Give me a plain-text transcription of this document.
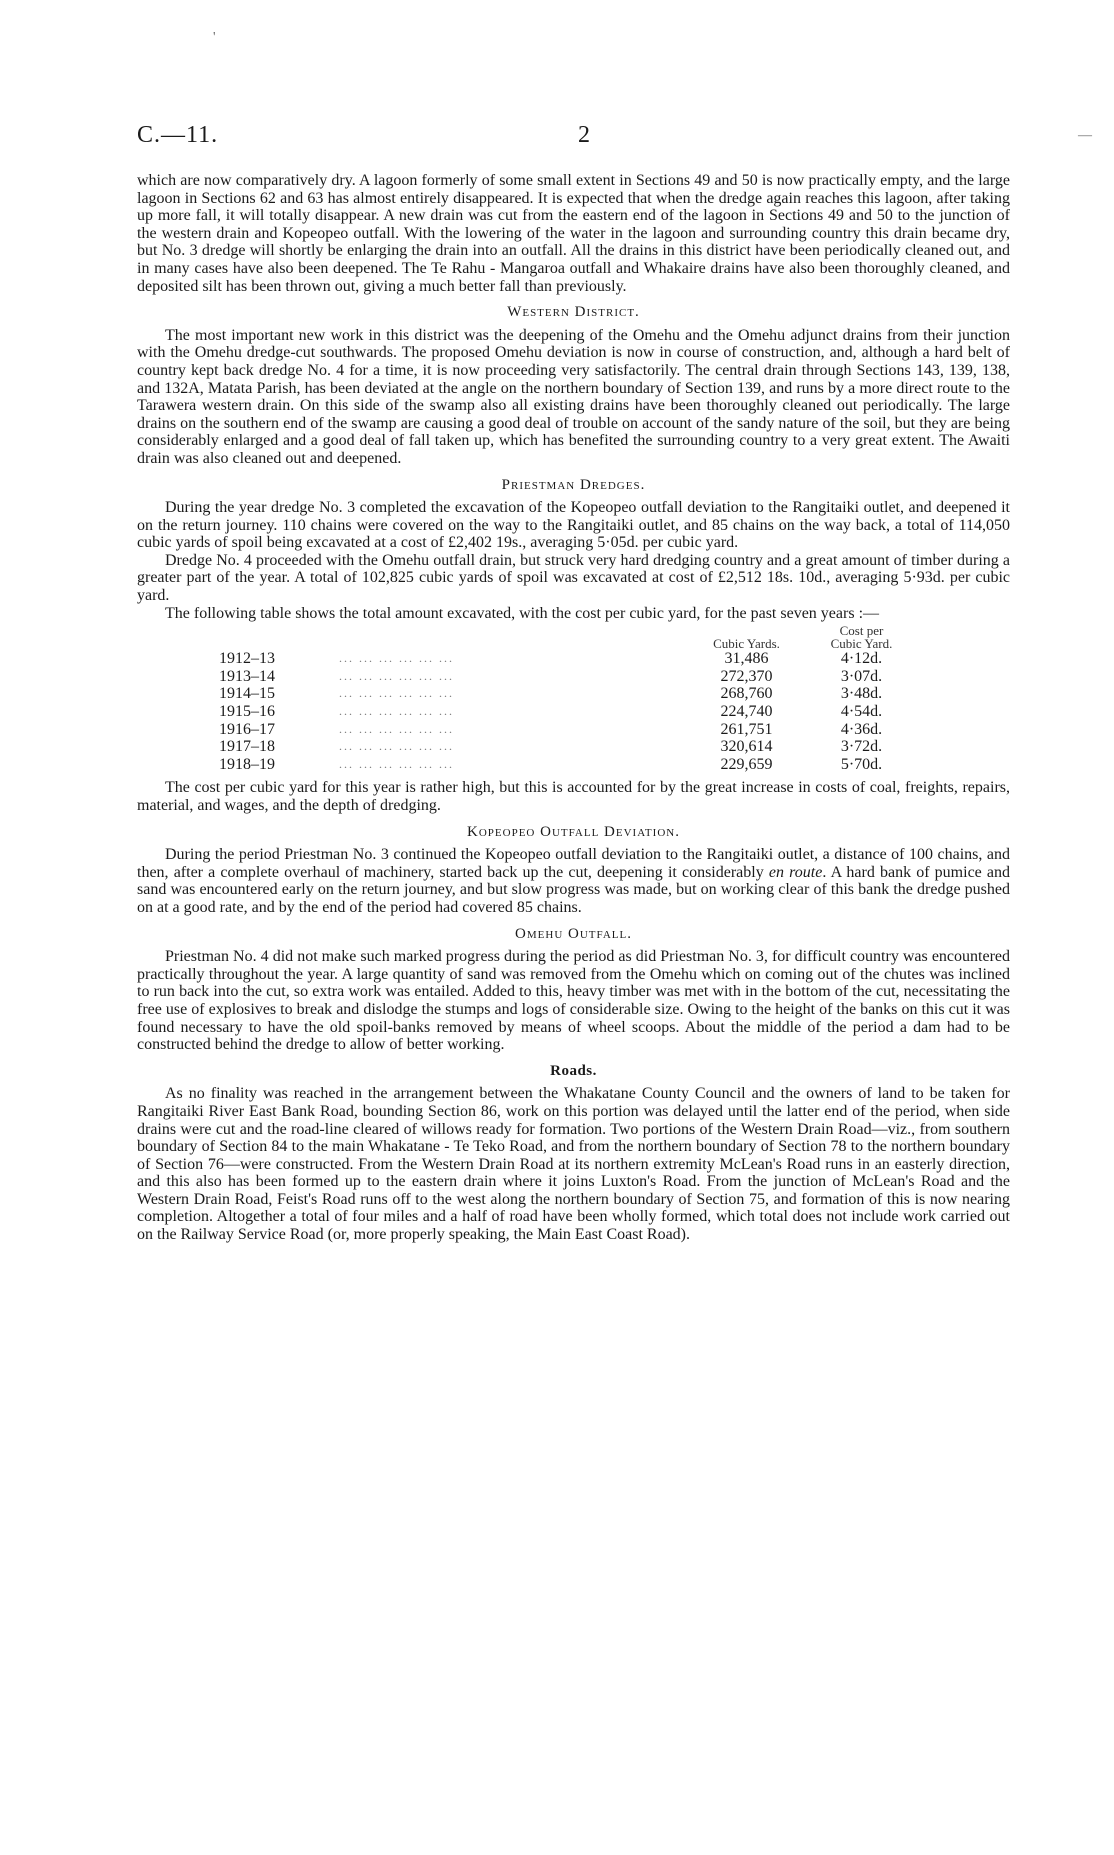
'
—
C.—11.	2

which are now comparatively dry. A lagoon formerly of some small extent in Sections 49 and 50 is now practically empty, and the large lagoon in Sections 62 and 63 has almost entirely disappeared. It is expected that when the dredge again reaches this lagoon, after taking up more fall, it will totally disappear. A new drain was cut from the eastern end of the lagoon in Sections 49 and 50 to the junction of the western drain and Kopeopeo outfall. With the lowering of the water in the lagoon and surrounding country this drain became dry, but No. 3 dredge will shortly be enlarging the drain into an outfall. All the drains in this district have been periodically cleaned out, and in many cases have also been deepened. The Te Rahu - Mangaroa outfall and Whakaire drains have also been thoroughly cleaned, and deposited silt has been thrown out, giving a much better fall than previously.

Western District.

The most important new work in this district was the deepening of the Omehu and the Omehu adjunct drains from their junction with the Omehu dredge-cut southwards. The proposed Omehu deviation is now in course of construction, and, although a hard belt of country kept back dredge No. 4 for a time, it is now proceeding very satisfactorily. The central drain through Sections 143, 139, 138, and 132A, Matata Parish, has been deviated at the angle on the northern boundary of Section 139, and runs by a more direct route to the Tarawera western drain. On this side of the swamp also all existing drains have been thoroughly cleaned out periodically. The large drains on the southern end of the swamp are causing a good deal of trouble on account of the sandy nature of the soil, but they are being considerably enlarged and a good deal of fall taken up, which has benefited the surrounding country to a very great extent. The Awaiti drain was also cleaned out and deepened.

Priestman Dredges.

During the year dredge No. 3 completed the excavation of the Kopeopeo outfall deviation to the Rangitaiki outlet, and deepened it on the return journey. 110 chains were covered on the way to the Rangitaiki outlet, and 85 chains on the way back, a total of 114,050 cubic yards of spoil being excavated at a cost of £2,402 19s., averaging 5·05d. per cubic yard.

Dredge No. 4 proceeded with the Omehu outfall drain, but struck very hard dredging country and a great amount of timber during a greater part of the year. A total of 102,825 cubic yards of spoil was excavated at cost of £2,512 18s. 10d., averaging 5·93d. per cubic yard.

The following table shows the total amount excavated, with the cost per cubic yard, for the past seven years :—

		Cubic Yards.	Cost per
Cubic Yard.	
1912–13	... ... ... ... ... ...	31,486	4·12d.	
1913–14	... ... ... ... ... ...	272,370	3·07d.	
1914–15	... ... ... ... ... ...	268,760	3·48d.	
1915–16	... ... ... ... ... ...	224,740	4·54d.	
1916–17	... ... ... ... ... ...	261,751	4·36d.	
1917–18	... ... ... ... ... ...	320,614	3·72d.	
1918–19	... ... ... ... ... ...	229,659	5·70d.	

The cost per cubic yard for this year is rather high, but this is accounted for by the great increase in costs of coal, freights, repairs, material, and wages, and the depth of dredging.

Kopeopeo Outfall Deviation.

During the period Priestman No. 3 continued the Kopeopeo outfall deviation to the Rangitaiki outlet, a distance of 100 chains, and then, after a complete overhaul of machinery, started back up the cut, deepening it considerably en route. A hard bank of pumice and sand was encountered early on the return journey, and but slow progress was made, but on working clear of this bank the dredge pushed on at a good rate, and by the end of the period had covered 85 chains.

Omehu Outfall.

Priestman No. 4 did not make such marked progress during the period as did Priestman No. 3, for difficult country was encountered practically throughout the year. A large quantity of sand was removed from the Omehu which on coming out of the chutes was inclined to run back into the cut, so extra work was entailed. Added to this, heavy timber was met with in the bottom of the cut, necessitating the free use of explosives to break and dislodge the stumps and logs of considerable size. Owing to the height of the banks on this cut it was found necessary to have the old spoil-banks removed by means of wheel scoops. About the middle of the period a dam had to be constructed behind the dredge to allow of better working.

Roads.

As no finality was reached in the arrangement between the Whakatane County Council and the owners of land to be taken for Rangitaiki River East Bank Road, bounding Section 86, work on this portion was delayed until the latter end of the period, when side drains were cut and the road-line cleared of willows ready for formation. Two portions of the Western Drain Road—viz., from southern boundary of Section 84 to the main Whakatane - Te Teko Road, and from the northern boundary of Section 78 to the northern boundary of Section 76—were constructed. From the Western Drain Road at its northern extremity McLean's Road runs in an easterly direction, and this also has been formed up to the eastern drain where it joins Luxton's Road. From the junction of McLean's Road and the Western Drain Road, Feist's Road runs off to the west along the northern boundary of Section 75, and formation of this is now nearing completion. Altogether a total of four miles and a half of road have been wholly formed, which total does not include work carried out on the Railway Service Road (or, more properly speaking, the Main East Coast Road).
